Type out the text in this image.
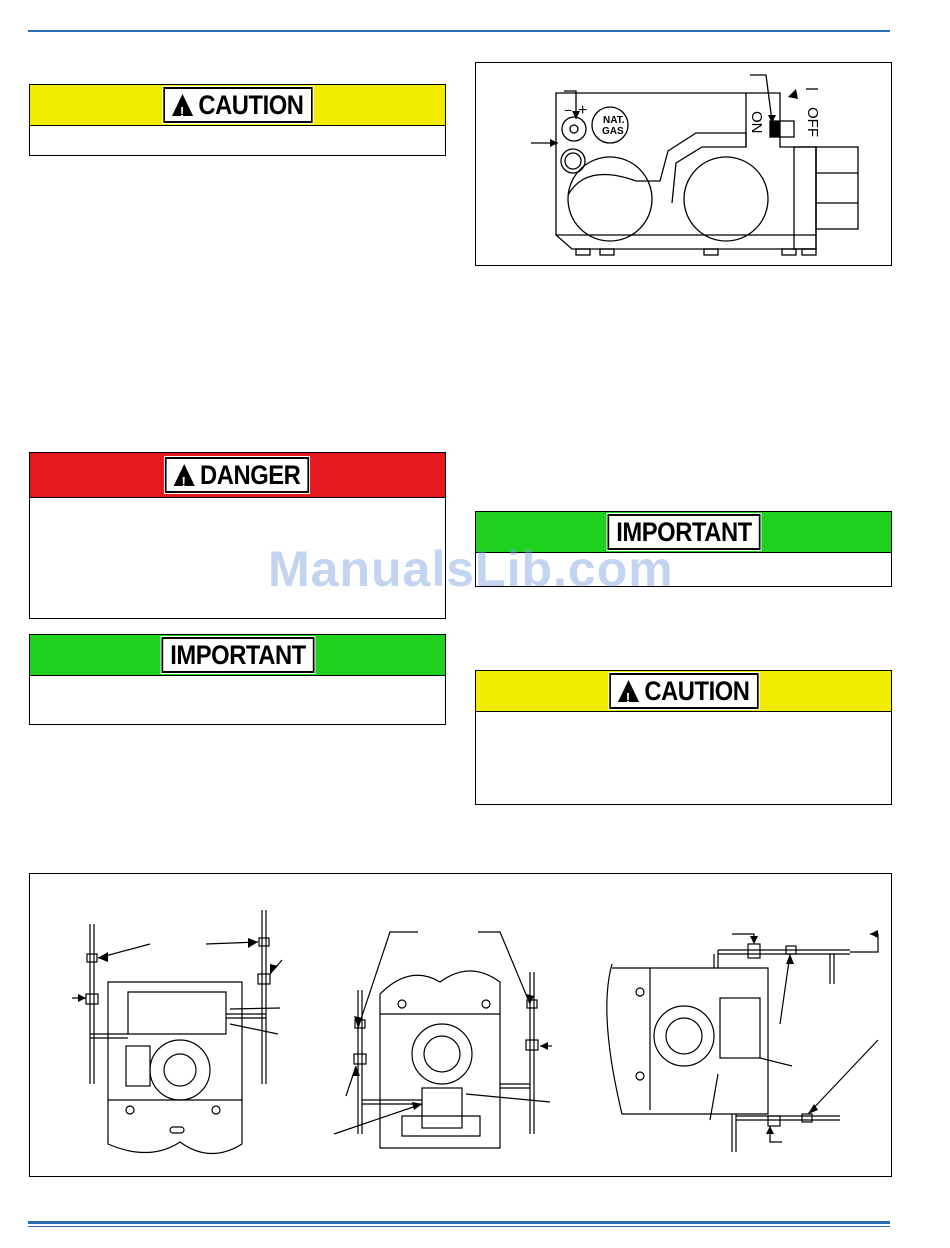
!
CAUTION
!
DANGER
IMPORTANT
NAT.
GAS
+
−
ON	OFF
IMPORTANT
!
CAUTION
ManualsLib.com
